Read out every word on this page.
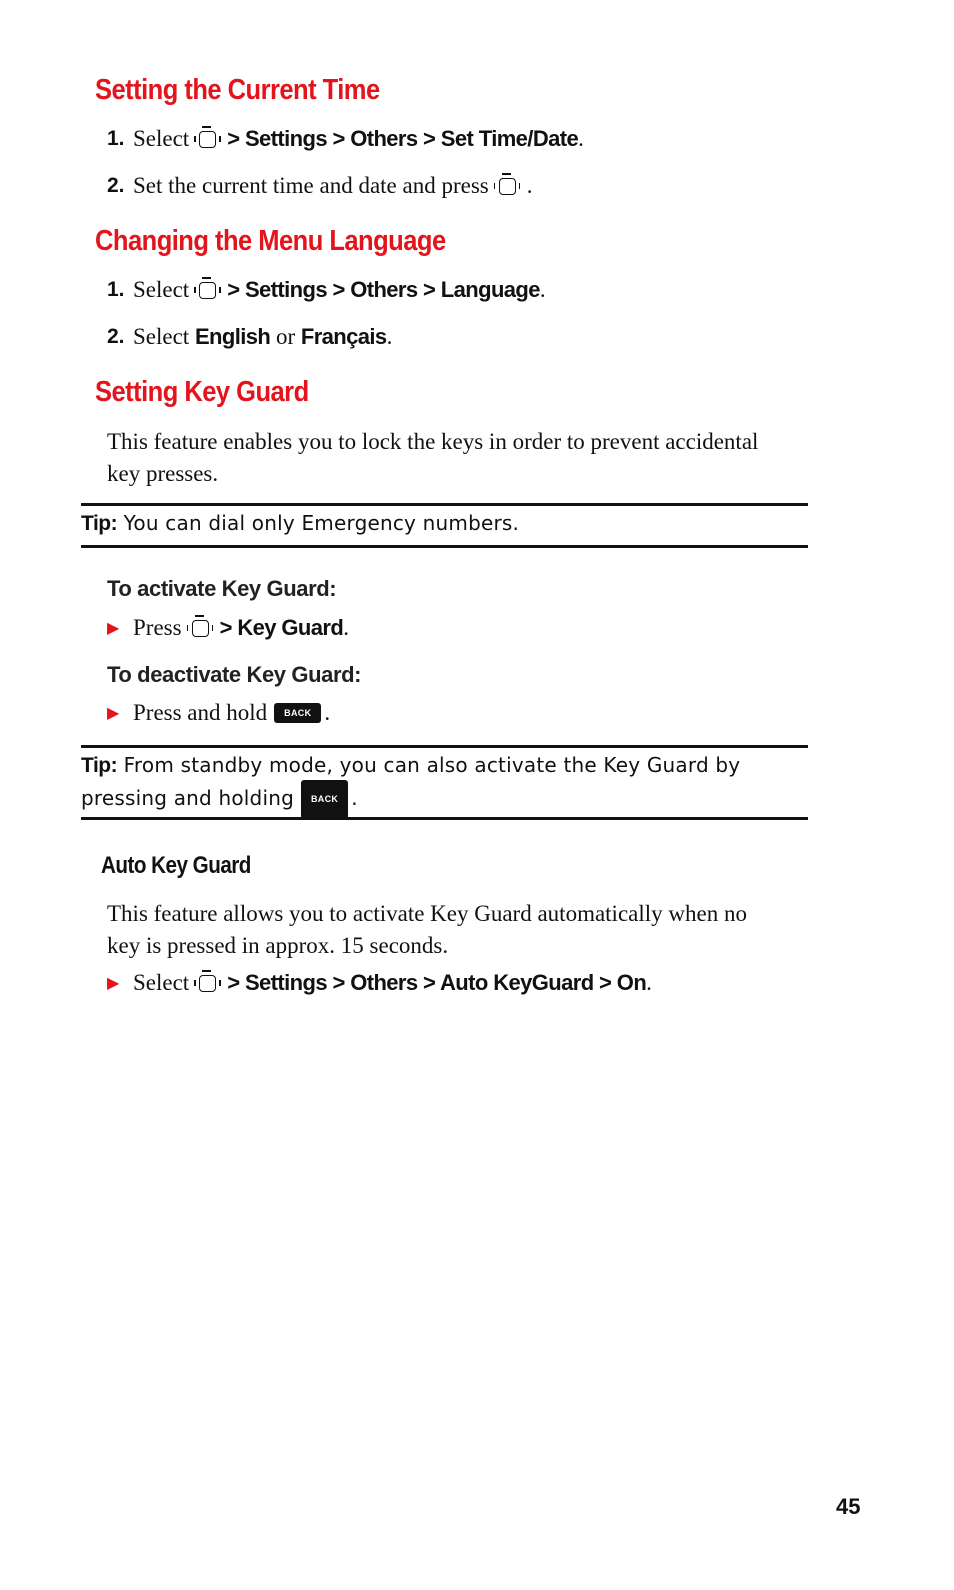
Setting the Current Time
1. Select > Settings > Others > Set Time/Date .
2. Set the current time and date and press .
Changing the Menu Language
1. Select > Settings > Others > Language .
2. Select
English
or
Français .
Setting Key Guard
This feature enables you to lock the keys in order to prevent accidental key presses.
Tip: You can dial only Emergency numbers.
To activate Key Guard:
▶ Press > Key Guard .
To deactivate Key Guard:
▶ Press and hold	BACK .
Tip: From standby mode, you can also activate the Key Guard by
pressing and holding BACK .
Auto Key Guard
This feature allows you to activate Key Guard automatically when no key is pressed in approx. 15 seconds.
▶ Select > Settings > Others > Auto KeyGuard > On .
45
